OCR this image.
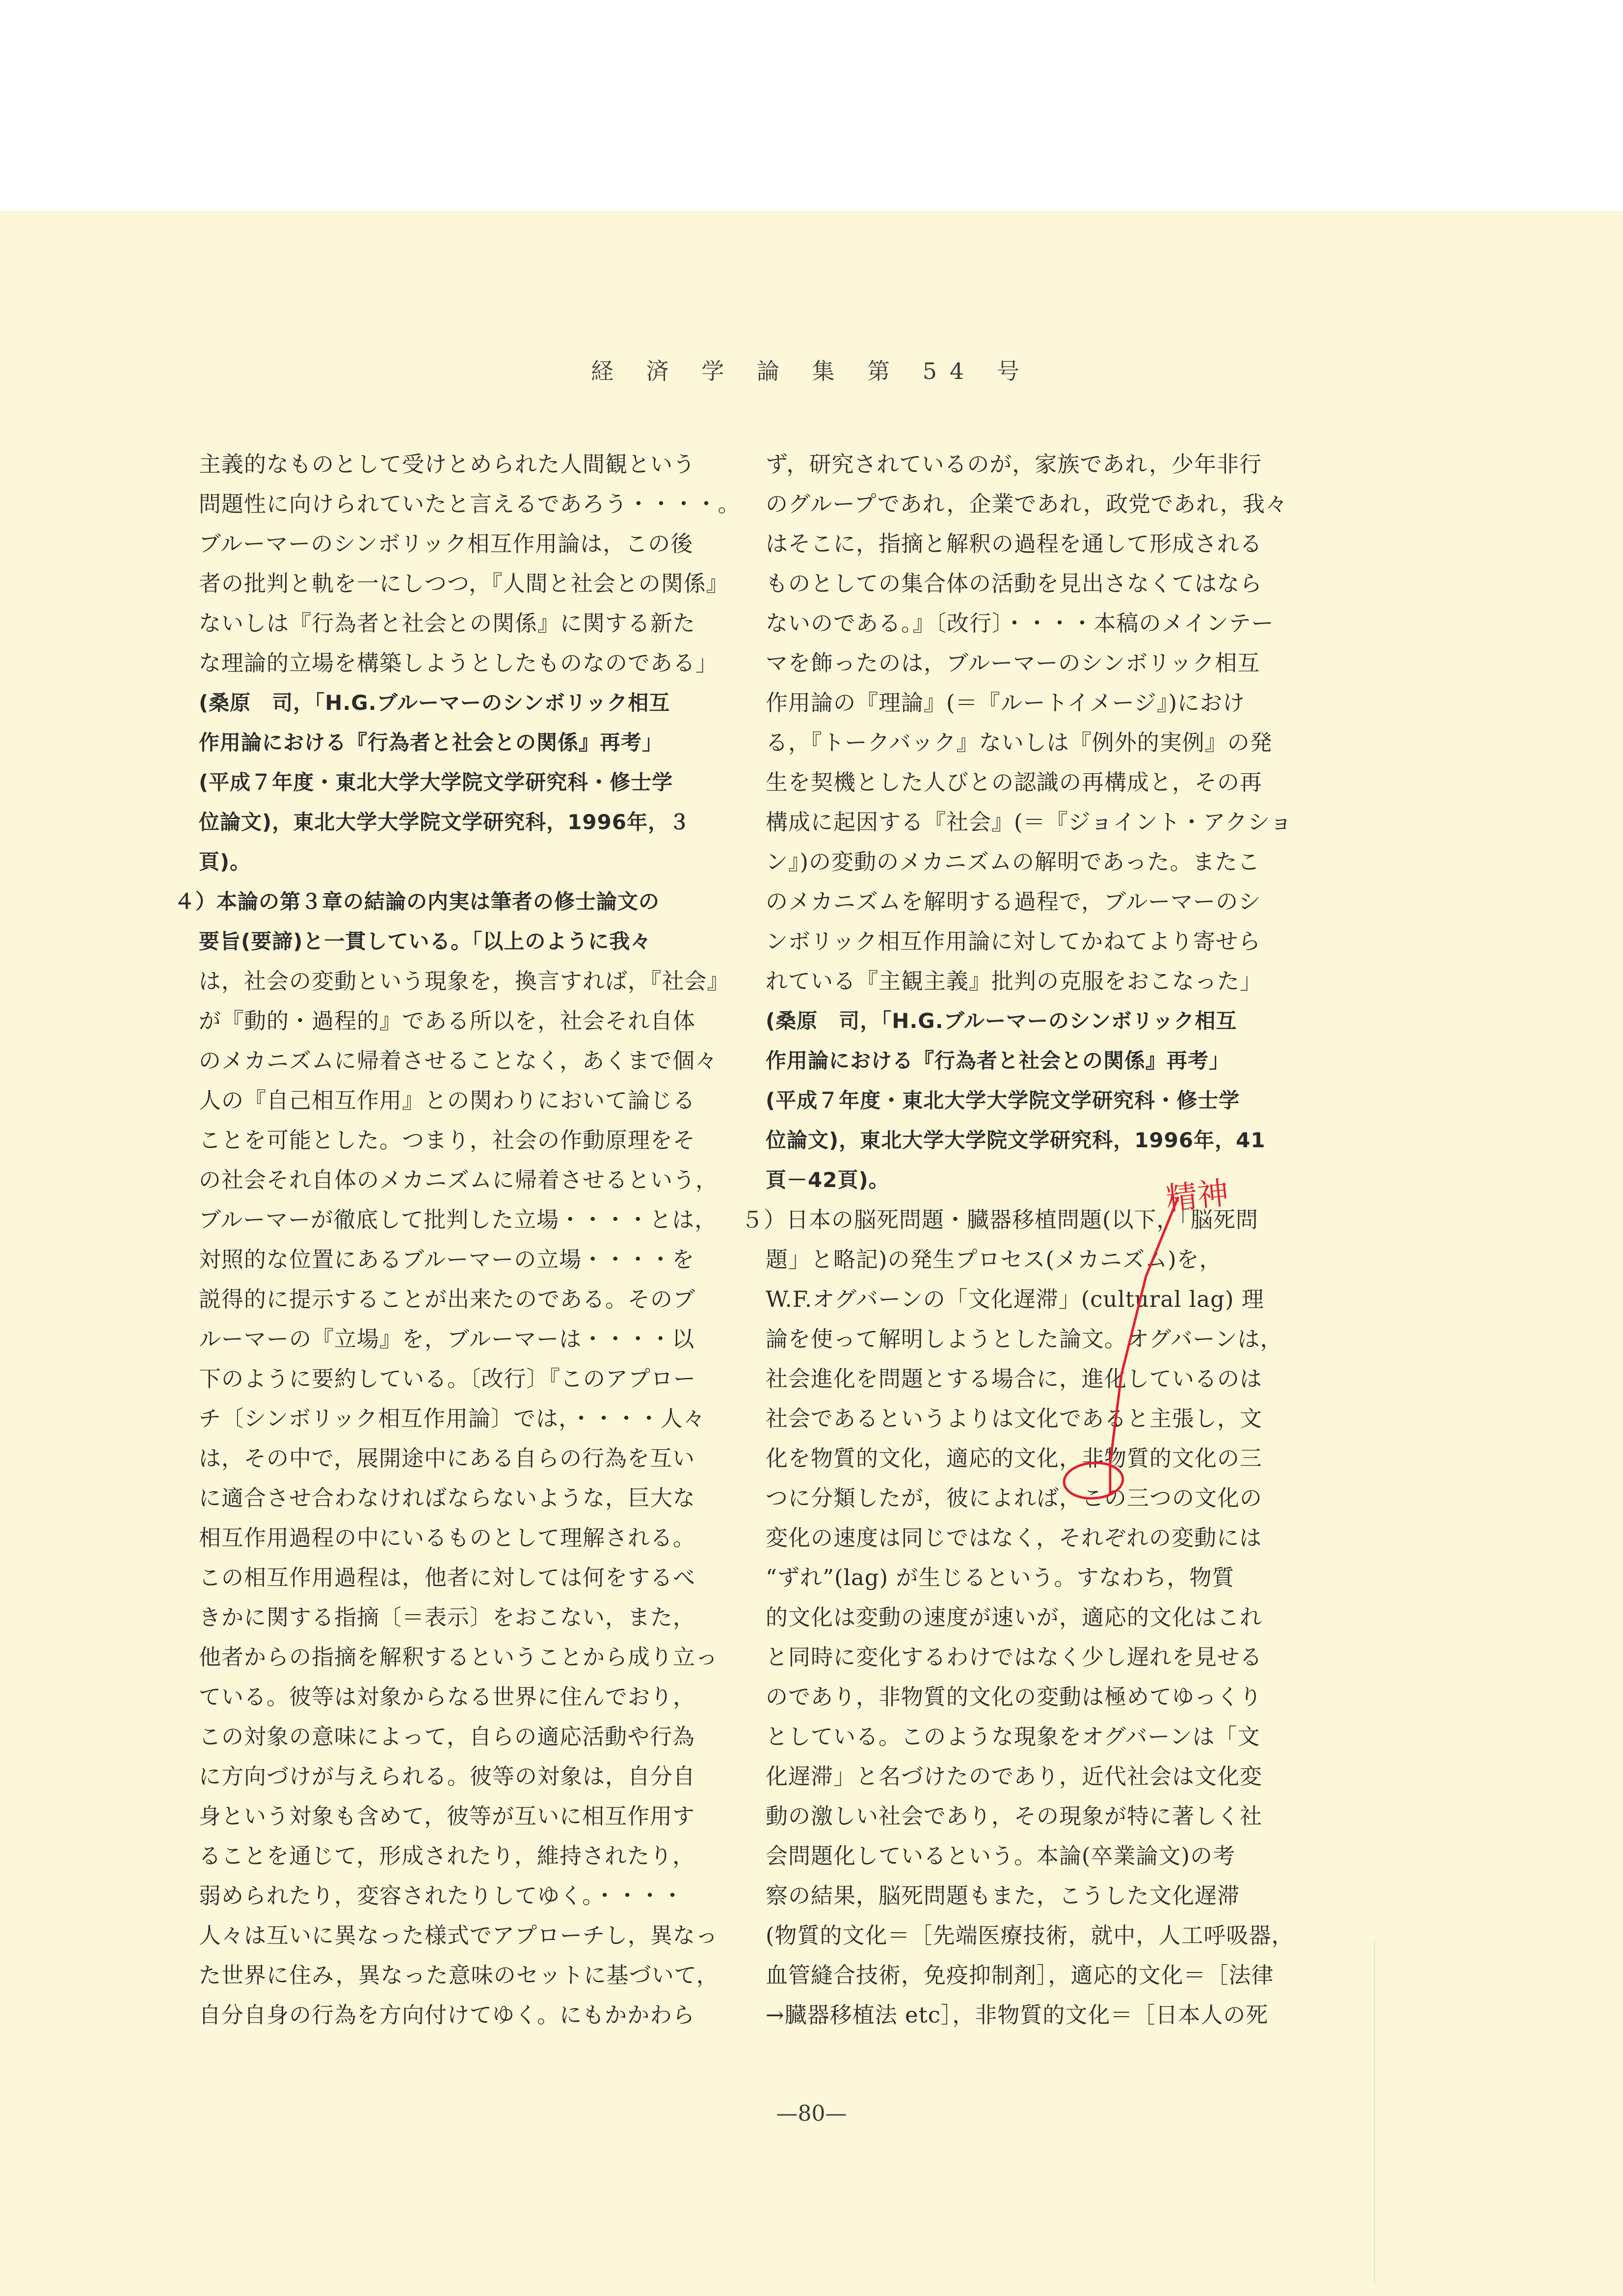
経 済 学 論 集 第 54 号

主義的なものとして受けとめられた人間観という

問題性に向けられていたと言えるであろう・・・・。

ブルーマーのシンボリック相互作用論は，この後

者の批判と軌を一にしつつ，『人間と社会との関係』

ないしは『行為者と社会との関係』に関する新た

な理論的立場を構築しようとしたものなのである」

(桑原　司，「H.G.ブルーマーのシンボリック相互

作用論における『行為者と社会との関係』再考」

(平成７年度・東北大学大学院文学研究科・修士学

位論文)，東北大学大学院文学研究科，1996年，３

頁)。

４）本論の第３章の結論の内実は筆者の修士論文の

要旨(要諦)と一貫している。「以上のように我々

は，社会の変動という現象を，換言すれば，『社会』

が『動的・過程的』である所以を，社会それ自体

のメカニズムに帰着させることなく，あくまで個々

人の『自己相互作用』との関わりにおいて論じる

ことを可能とした。つまり，社会の作動原理をそ

の社会それ自体のメカニズムに帰着させるという，

ブルーマーが徹底して批判した立場・・・・とは，

対照的な位置にあるブルーマーの立場・・・・を

説得的に提示することが出来たのである。そのブ

ルーマーの『立場』を，ブルーマーは・・・・以

下のように要約している。〔改行〕『このアプロー

チ〔シンボリック相互作用論〕では，・・・・人々

は，その中で，展開途中にある自らの行為を互い

に適合させ合わなければならないような，巨大な

相互作用過程の中にいるものとして理解される。

この相互作用過程は，他者に対しては何をするべ

きかに関する指摘〔＝表示〕をおこない，また，

他者からの指摘を解釈するということから成り立っ

ている。彼等は対象からなる世界に住んでおり，

この対象の意味によって，自らの適応活動や行為

に方向づけが与えられる。彼等の対象は，自分自

身という対象も含めて，彼等が互いに相互作用す

ることを通じて，形成されたり，維持されたり，

弱められたり，変容されたりしてゆく。・・・・

人々は互いに異なった様式でアプローチし，異なっ

た世界に住み，異なった意味のセットに基づいて，

自分自身の行為を方向付けてゆく。にもかかわら

ず，研究されているのが，家族であれ，少年非行

のグループであれ，企業であれ，政党であれ，我々

はそこに，指摘と解釈の過程を通して形成される

ものとしての集合体の活動を見出さなくてはなら

ないのである。』〔改行〕・・・・本稿のメインテー

マを飾ったのは，ブルーマーのシンボリック相互

作用論の『理論』(＝『ルートイメージ』)におけ

る，『トークバック』ないしは『例外的実例』の発

生を契機とした人びとの認識の再構成と，その再

構成に起因する『社会』(＝『ジョイント・アクショ

ン』)の変動のメカニズムの解明であった。またこ

のメカニズムを解明する過程で，ブルーマーのシ

ンボリック相互作用論に対してかねてより寄せら

れている『主観主義』批判の克服をおこなった」

(桑原　司，「H.G.ブルーマーのシンボリック相互

作用論における『行為者と社会との関係』再考」

(平成７年度・東北大学大学院文学研究科・修士学

位論文)，東北大学大学院文学研究科，1996年，41

頁－42頁)。

５）日本の脳死問題・臓器移植問題(以下，「脳死問

題」と略記)の発生プロセス(メカニズム)を，

W.F.オグバーンの「文化遅滞」(cultural lag) 理

論を使って解明しようとした論文。オグバーンは，

社会進化を問題とする場合に，進化しているのは

社会であるというよりは文化であると主張し，文

化を物質的文化，適応的文化，非物質的文化の三

つに分類したが，彼によれば，この三つの文化の

変化の速度は同じではなく，それぞれの変動には

“ずれ”(lag) が生じるという。すなわち，物質

的文化は変動の速度が速いが，適応的文化はこれ

と同時に変化するわけではなく少し遅れを見せる

のであり，非物質的文化の変動は極めてゆっくり

としている。このような現象をオグバーンは「文

化遅滞」と名づけたのであり，近代社会は文化変

動の激しい社会であり，その現象が特に著しく社

会問題化しているという。本論(卒業論文)の考

察の結果，脳死問題もまた，こうした文化遅滞

(物質的文化＝［先端医療技術，就中，人工呼吸器，

血管縫合技術，免疫抑制剤］，適応的文化＝［法律

→臓器移植法 etc］，非物質的文化＝［日本人の死

—80—
精神
